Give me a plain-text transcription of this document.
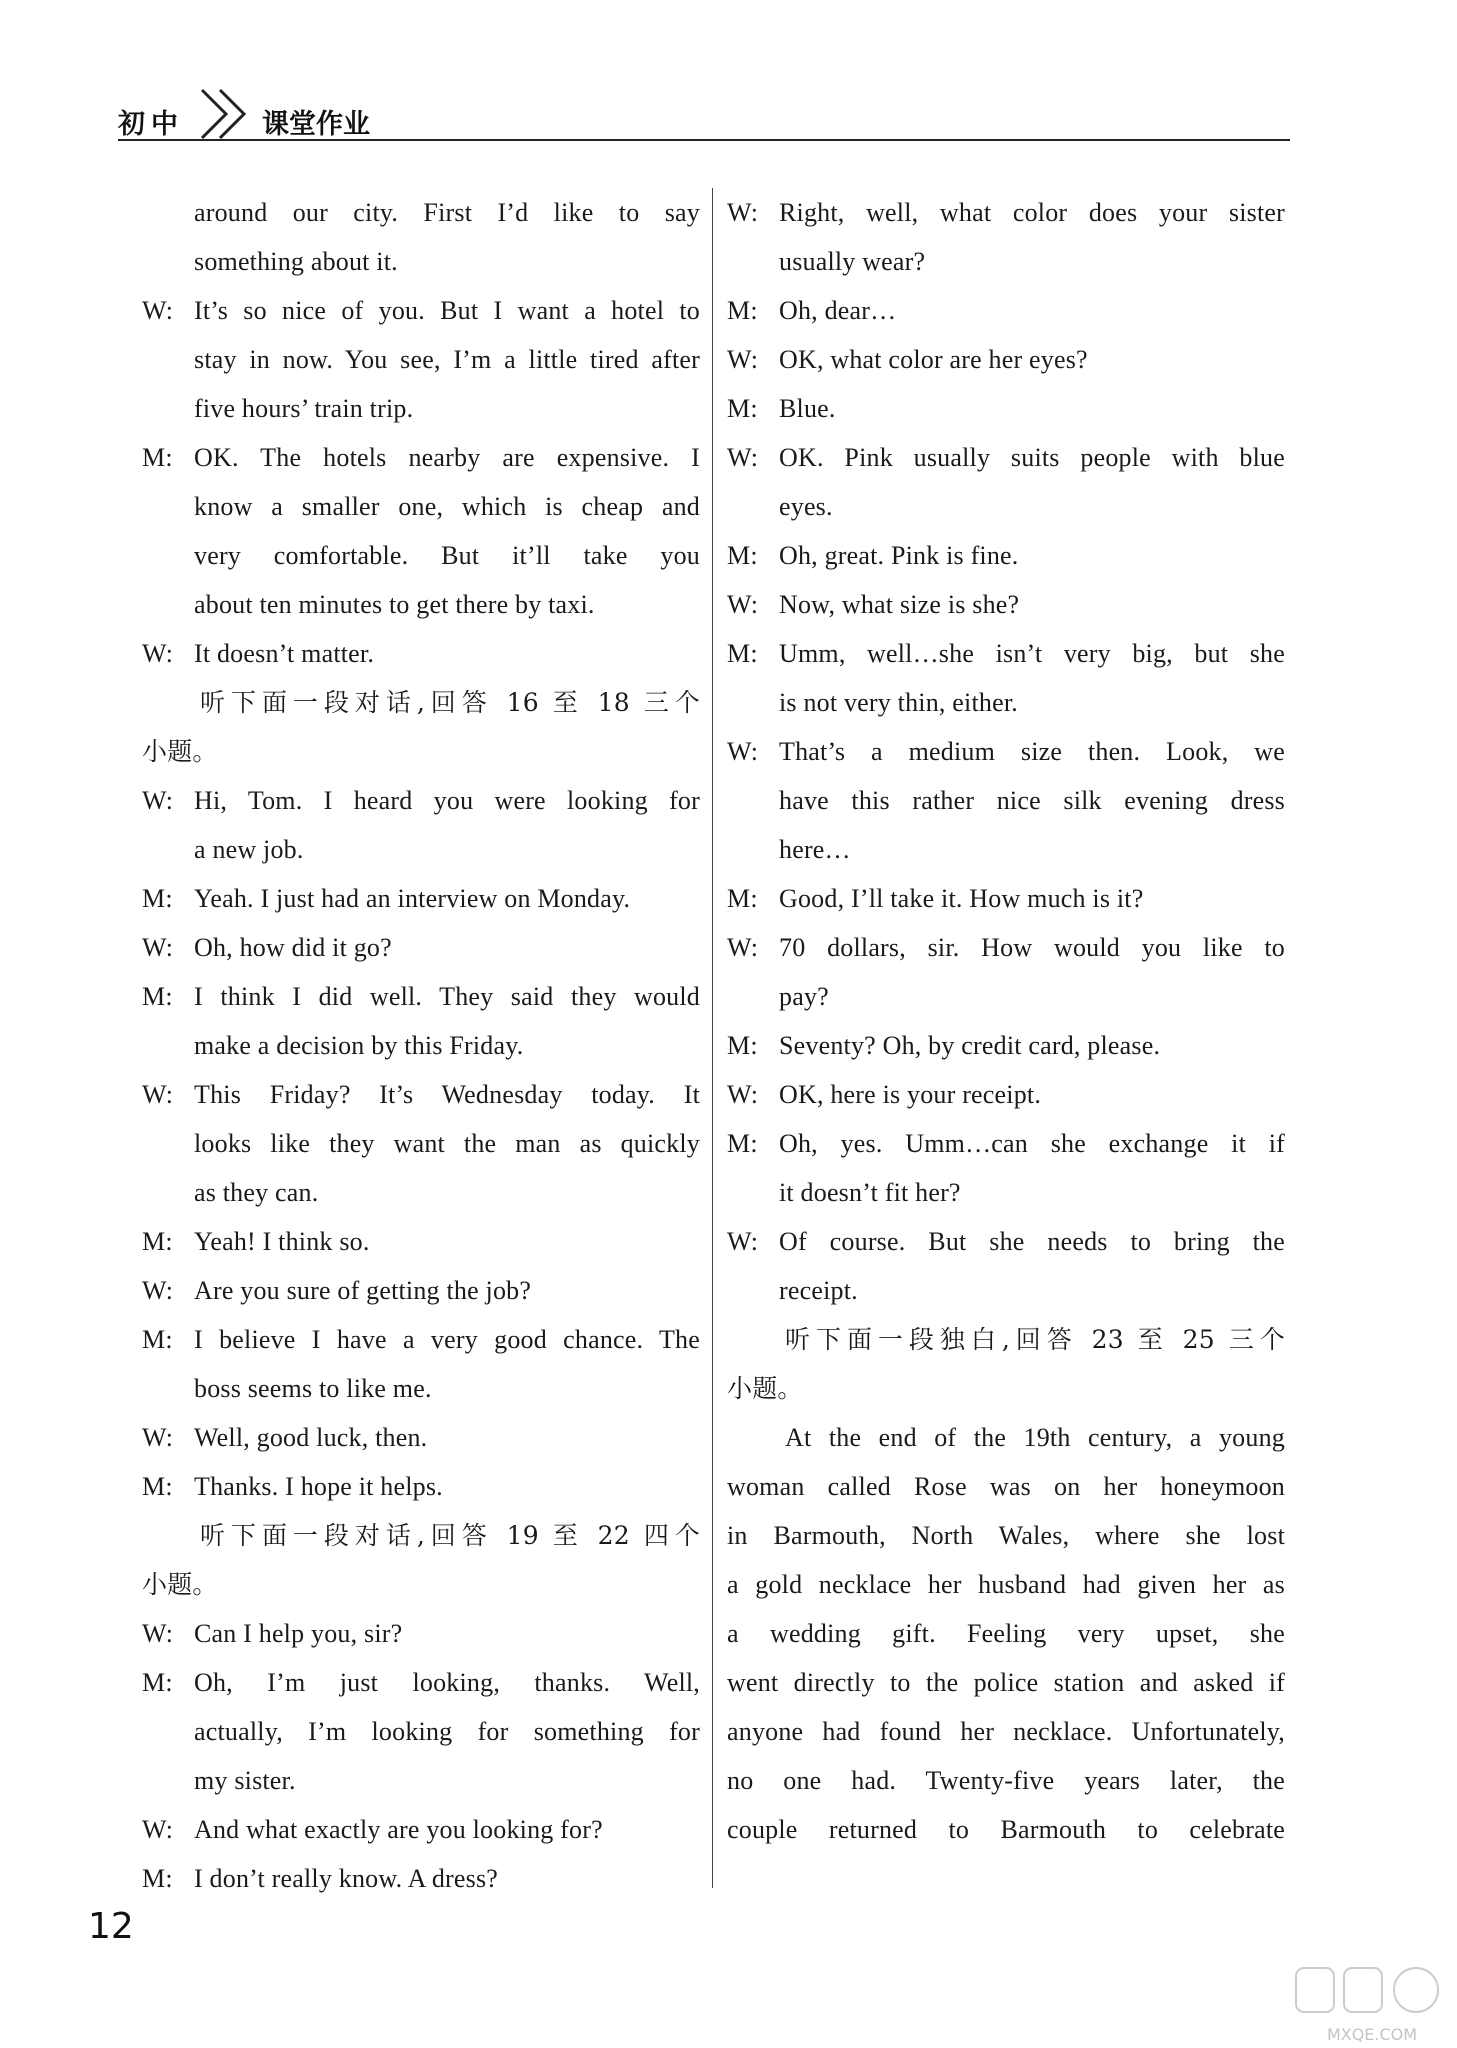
初中	课堂作业
around our city. First I’d like to say
something about it.
W: It’s so nice of you. But I want a hotel to
stay in now. You see, I’m a little tired after
five hours’ train trip.
M: OK. The hotels nearby are expensive. I
know a smaller one, which is cheap and
very comfortable. But it’ll take you
about ten minutes to get there by taxi.
W: It doesn’t matter.
听下面一段对话,回答 16 至 18 三个
小题。
W: Hi, Tom. I heard you were looking for
a new job.
M: Yeah. I just had an interview on Monday.
W: Oh, how did it go?
M: I think I did well. They said they would
make a decision by this Friday.
W: This Friday? It’s Wednesday today. It
looks like they want the man as quickly
as they can.
M: Yeah! I think so.
W: Are you sure of getting the job?
M: I believe I have a very good chance. The
boss seems to like me.
W: Well, good luck, then.
M: Thanks. I hope it helps.
听下面一段对话,回答 19 至 22 四个
小题。
W: Can I help you, sir?
M: Oh, I’m just looking, thanks. Well,
actually, I’m looking for something for
my sister.
W: And what exactly are you looking for?
M: I don’t really know. A dress?
W: Right, well, what color does your sister
usually wear?
M: Oh, dear…
W: OK, what color are her eyes?
M: Blue.
W: OK. Pink usually suits people with blue
eyes.
M: Oh, great. Pink is fine.
W: Now, what size is she?
M: Umm, well…she isn’t very big, but she
is not very thin, either.
W: That’s a medium size then. Look, we
have this rather nice silk evening dress
here…
M: Good, I’ll take it. How much is it?
W: 70 dollars, sir. How would you like to
pay?
M: Seventy? Oh, by credit card, please.
W: OK, here is your receipt.
M: Oh, yes. Umm…can she exchange it if
it doesn’t fit her?
W: Of course. But she needs to bring the
receipt.
听下面一段独白,回答 23 至 25 三个
小题。
At the end of the 19th century, a young
woman called Rose was on her honeymoon
in Barmouth, North Wales, where she lost
a gold necklace her husband had given her as
a wedding gift. Feeling very upset, she
went directly to the police station and asked if
anyone had found her necklace. Unfortunately,
no one had. Twenty-five years later, the
couple returned to Barmouth to celebrate
12
MXQE.COM
